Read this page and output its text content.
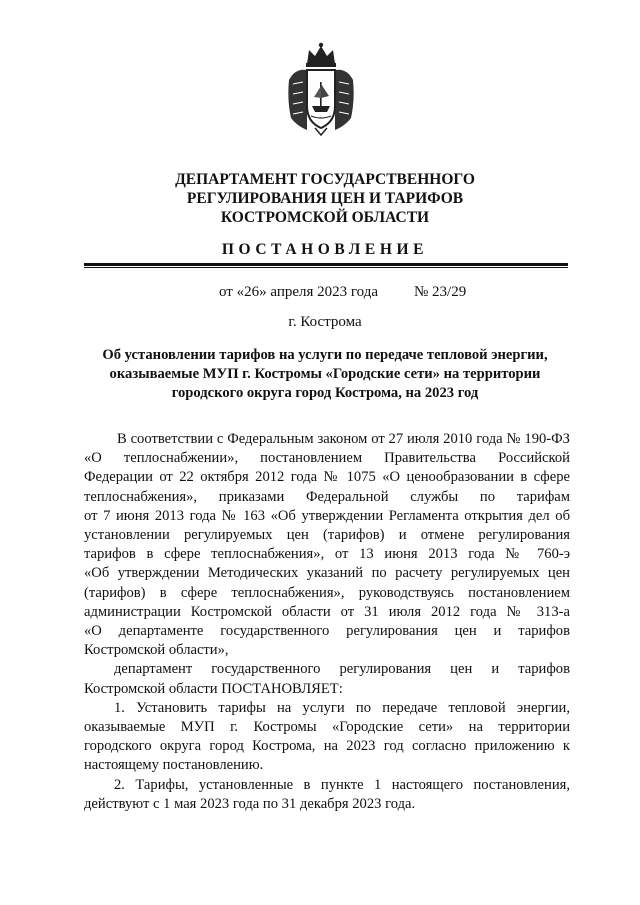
ДЕПАРТАМЕНТ ГОСУДАРСТВЕННОГО
РЕГУЛИРОВАНИЯ ЦЕН И ТАРИФОВ
КОСТРОМСКОЙ ОБЛАСТИ
ПОСТАНОВЛЕНИЕ
от «26» апреля 2023 года № 23/29
г. Кострома
Об установлении тарифов на услуги по передаче тепловой энергии,
оказываемые МУП г. Костромы «Городские сети» на территории
городского округа город Кострома, на 2023 год
В соответствии с Федеральным законом от 27 июля 2010 года № 190-ФЗ
«О теплоснабжении», постановлением Правительства Российской
Федерации от 22 октября 2012 года № 1075 «О ценообразовании в сфере
теплоснабжения», приказами Федеральной службы по тарифам
от 7 июня 2013 года № 163 «Об утверждении Регламента открытия дел об
установлении регулируемых цен (тарифов) и отмене регулирования
тарифов в сфере теплоснабжения», от 13 июня 2013 года № 760-э
«Об утверждении Методических указаний по расчету регулируемых цен
(тарифов) в сфере теплоснабжения», руководствуясь постановлением
администрации Костромской области от 31 июля 2012 года № 313-а
«О департаменте государственного регулирования цен и тарифов
Костромской области»,
департамент государственного регулирования цен и тарифов
Костромской области ПОСТАНОВЛЯЕТ:
1. Установить тарифы на услуги по передаче тепловой энергии,
оказываемые МУП г. Костромы «Городские сети» на территории
городского округа город Кострома, на 2023 год согласно приложению к
настоящему постановлению.
2. Тарифы, установленные в пункте 1 настоящего постановления,
действуют с 1 мая 2023 года по 31 декабря 2023 года.
